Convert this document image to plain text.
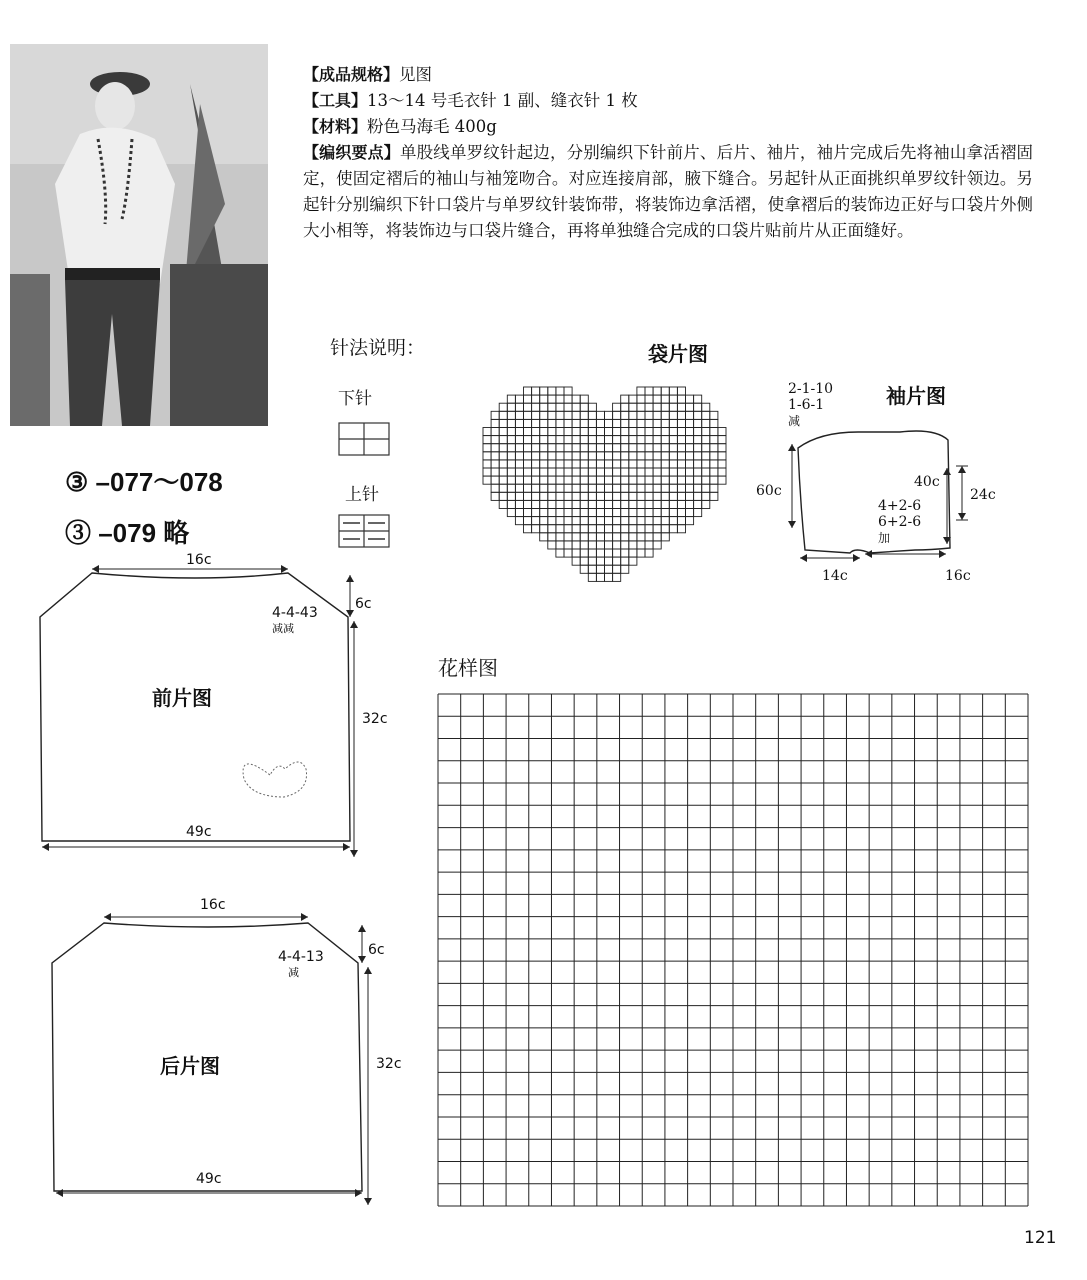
【成品规格】见图

【工具】13～14 号毛衣针 1 副、缝衣针 1 枚

【材料】粉色马海毛 400g

【编织要点】单股线单罗纹针起边，分别编织下针前片、后片、袖片，袖片完成后先将袖山拿活褶固定，使固定褶后的袖山与袖笼吻合。对应连接肩部，腋下缝合。另起针从正面挑织单罗纹针领边。另起针分别编织下针口袋片与单罗纹针装饰带，将装饰边拿活褶，使拿褶后的装饰边正好与口袋片外侧大小相等，将装饰边与口袋片缝合，再将单独缝合完成的口袋片贴前片从正面缝好。

针法说明：
下针
上针
③ –077～078
③ –079 略
袋片图
袖片图
2-1-10
1-6-1
减
60c
40c
24c
4+2-6
6+2-6
加
14c	16c
16c
6c
4-4-43
减减
前片图
32c
49c
16c
6c
4-4-13
减
后片图	32c
49c
花样图
121
